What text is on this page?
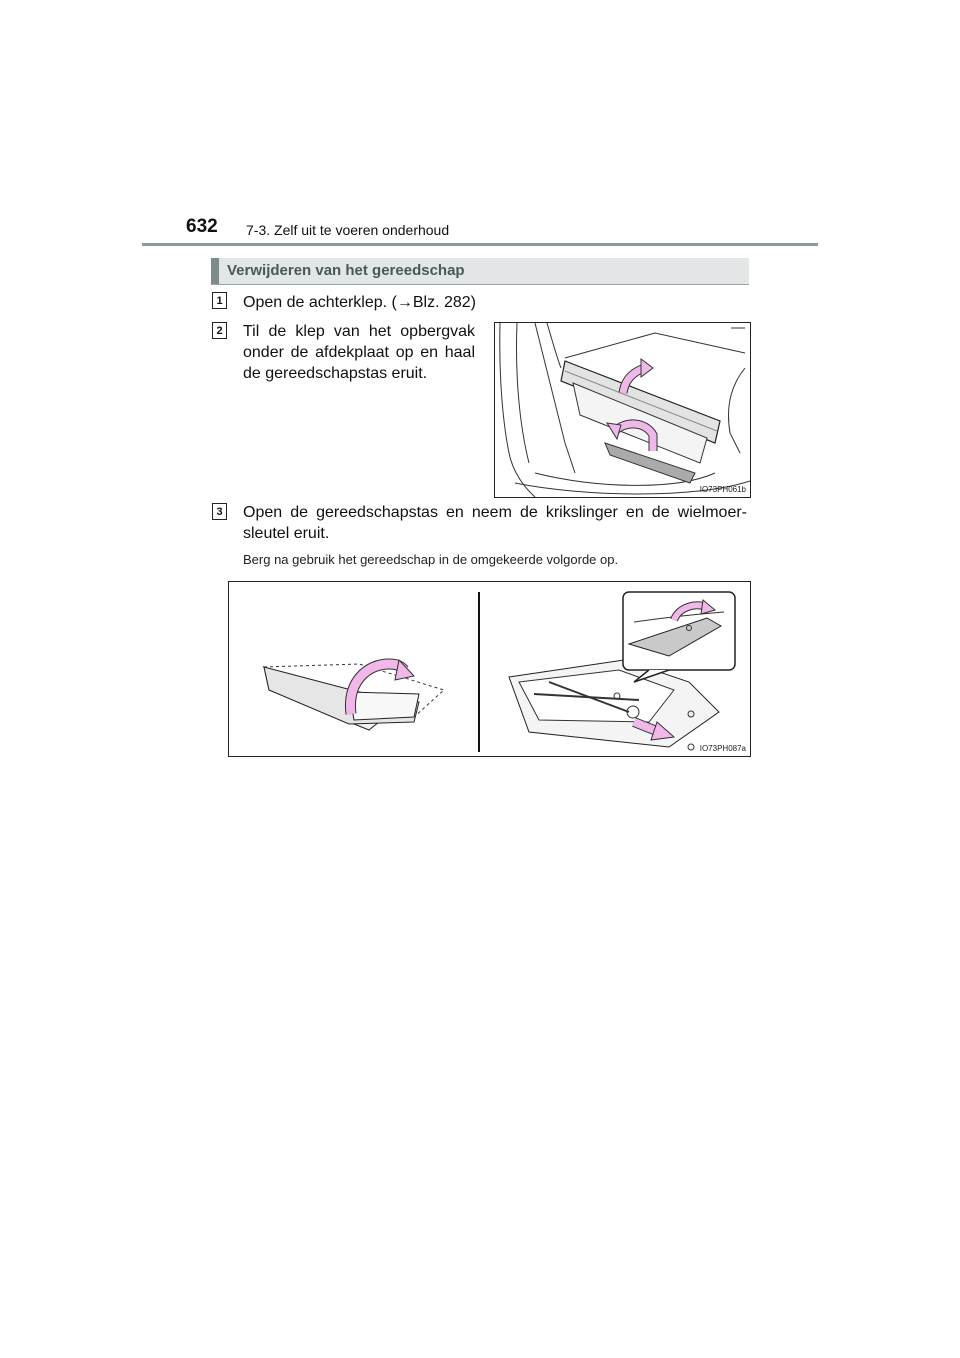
632 7-3. Zelf uit te voeren onderhoud
Verwijderen van het gereedschap
1 Open de achterklep. (→Blz. 282)
2 Til de klep van het opbergvak onder de afdekplaat op en haal de gereedschapstas eruit.
IO73PH061b
3 Open de gereedschapstas en neem de krikslinger en de wielmoer-sleutel eruit.
Berg na gebruik het gereedschap in de omgekeerde volgorde op.
IO73PH087a
